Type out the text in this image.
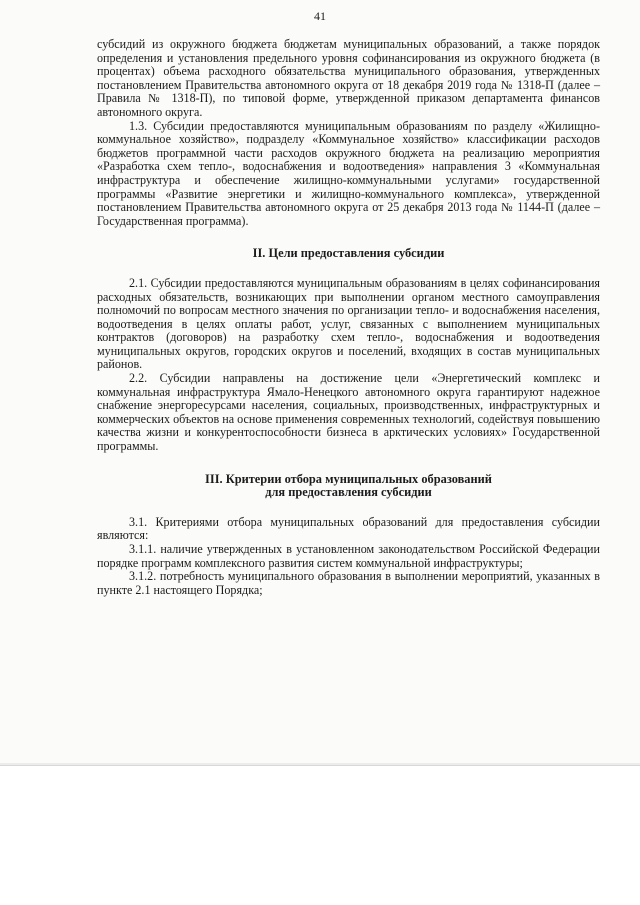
41

субсидий из окружного бюджета бюджетам муниципальных образований, а также порядок определения и установления предельного уровня софинансирования из окружного бюджета (в процентах) объема расходного обязательства муниципального образования, утвержденных постановлением Правительства автономного округа от 18 декабря 2019 года № 1318-П (далее – Правила № 1318-П), по типовой форме, утвержденной приказом департамента финансов автономного округа.

1.3. Субсидии предоставляются муниципальным образованиям по разделу «Жилищно-коммунальное хозяйство», подразделу «Коммунальное хозяйство» классификации расходов бюджетов программной части расходов окружного бюджета на реализацию мероприятия «Разработка схем тепло-, водоснабжения и водоотведения» направления 3 «Коммунальная инфраструктура и обеспечение жилищно-коммунальными услугами» государственной программы «Развитие энергетики и жилищно-коммунального комплекса», утвержденной постановлением Правительства автономного округа от 25 декабря 2013 года № 1144-П (далее – Государственная программа).

II. Цели предоставления субсидии

2.1. Субсидии предоставляются муниципальным образованиям в целях софинансирования расходных обязательств, возникающих при выполнении органом местного самоуправления полномочий по вопросам местного значения по организации тепло- и водоснабжения населения, водоотведения в целях оплаты работ, услуг, связанных с выполнением муниципальных контрактов (договоров) на разработку схем тепло-, водоснабжения и водоотведения муниципальных округов, городских округов и поселений, входящих в состав муниципальных районов.

2.2. Субсидии направлены на достижение цели «Энергетический комплекс и коммунальная инфраструктура Ямало-Ненецкого автономного округа гарантируют надежное снабжение энергоресурсами населения, социальных, производственных, инфраструктурных и коммерческих объектов на основе применения современных технологий, содействуя повышению качества жизни и конкурентоспособности бизнеса в арктических условиях» Государственной программы.

III. Критерии отбора муниципальных образований
для предоставления субсидии

3.1. Критериями отбора муниципальных образований для предоставления субсидии являются:

3.1.1. наличие утвержденных в установленном законодательством Российской Федерации порядке программ комплексного развития систем коммунальной инфраструктуры;

3.1.2. потребность муниципального образования в выполнении мероприятий, указанных в пункте 2.1 настоящего Порядка;
